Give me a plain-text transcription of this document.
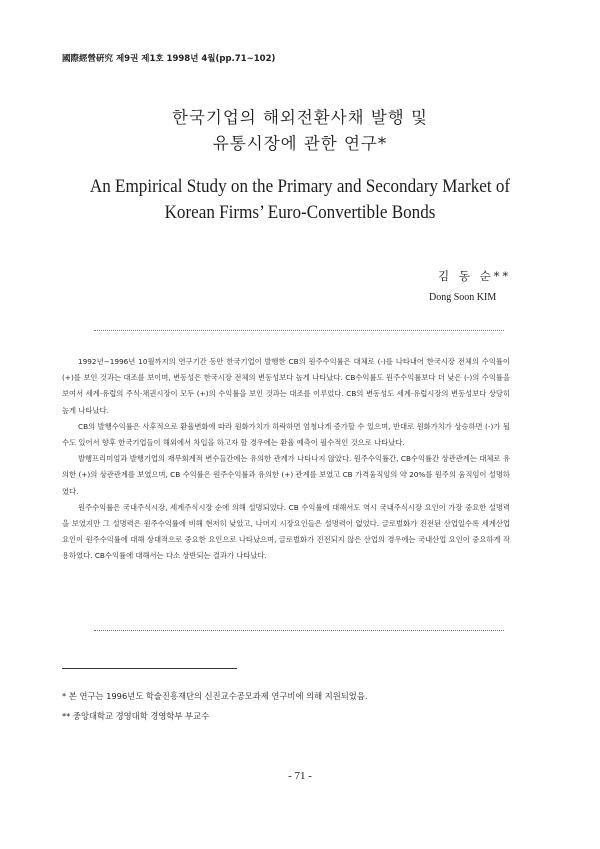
國際經營硏究 제9권 제1호 1998년 4월(pp.71∼102)
한국기업의 해외전환사채 발행 및
유통시장에 관한 연구*
An Empirical Study on the Primary and Secondary Market of
Korean Firms’ Euro-Convertible Bonds
김 동 순**
Dong Soon KIM

1992년∼1996년 10월까지의 연구기간 동안 한국기업이 발행한 CB의 원주수익률은 대체로 (-)를 나타내어 한국시장 전체의 수익률이 (+)를 보인 것과는 대조를 보이며, 변동성은 한국시장 전체의 변동성보다 높게 나타났다. CB수익률도 원주수익률보다 더 낮은 (-)의 수익률을 보여서 세계·유럽의 주식·채권시장이 모두 (+)의 수익률을 보인 것과는 대조를 이루었다. CB의 변동성도 세계·유럽시장의 변동성보다 상당히 높게 나타났다.

CB의 발행수익률은 사후적으로 환율변화에 따라 원화가치가 하락하면 엄청나게 증가할 수 있으며, 반대로 원화가치가 상승하면 (-)가 될 수도 있어서 향후 한국기업들이 해외에서 차입을 하고자 할 경우에는 환율 예측이 필수적인 것으로 나타났다.

발행프리미엄과 발행기업의 재무회계적 변수들간에는 유의한 관계가 나타나지 않았다. 원주수익률간, CB수익률간 상관관계는 대체로 유의한 (+)의 상관관계를 보였으며, CB 수익률은 원주수익률과 유의한 (+) 관계를 보였고 CB 가격움직임의 약 20%를 원주의 움직임이 설명하였다.

원주수익률은 국내주식시장, 세계주식시장 순에 의해 설명되었다. CB 수익률에 대해서도 역시 국내주식시장 요인이 가장 중요한 설명력을 보였지만 그 설명력은 원주수익률에 비해 현저히 낮았고, 나머지 시장요인들은 설명력이 없었다. 글로벌화가 진전된 산업일수록 세계산업 요인이 원주수익률에 대해 상대적으로 중요한 요인으로 나타났으며, 글로벌화가 진전되지 않은 산업의 경우에는 국내산업 요인이 중요하게 작용하였다. CB수익률에 대해서는 다소 상반되는 결과가 나타났다.

* 본 연구는 1996년도 학술진흥재단의 신진교수공모과제 연구비에 의해 지원되었음.
** 중앙대학교 경영대학 경영학부 부교수
- 71 -
